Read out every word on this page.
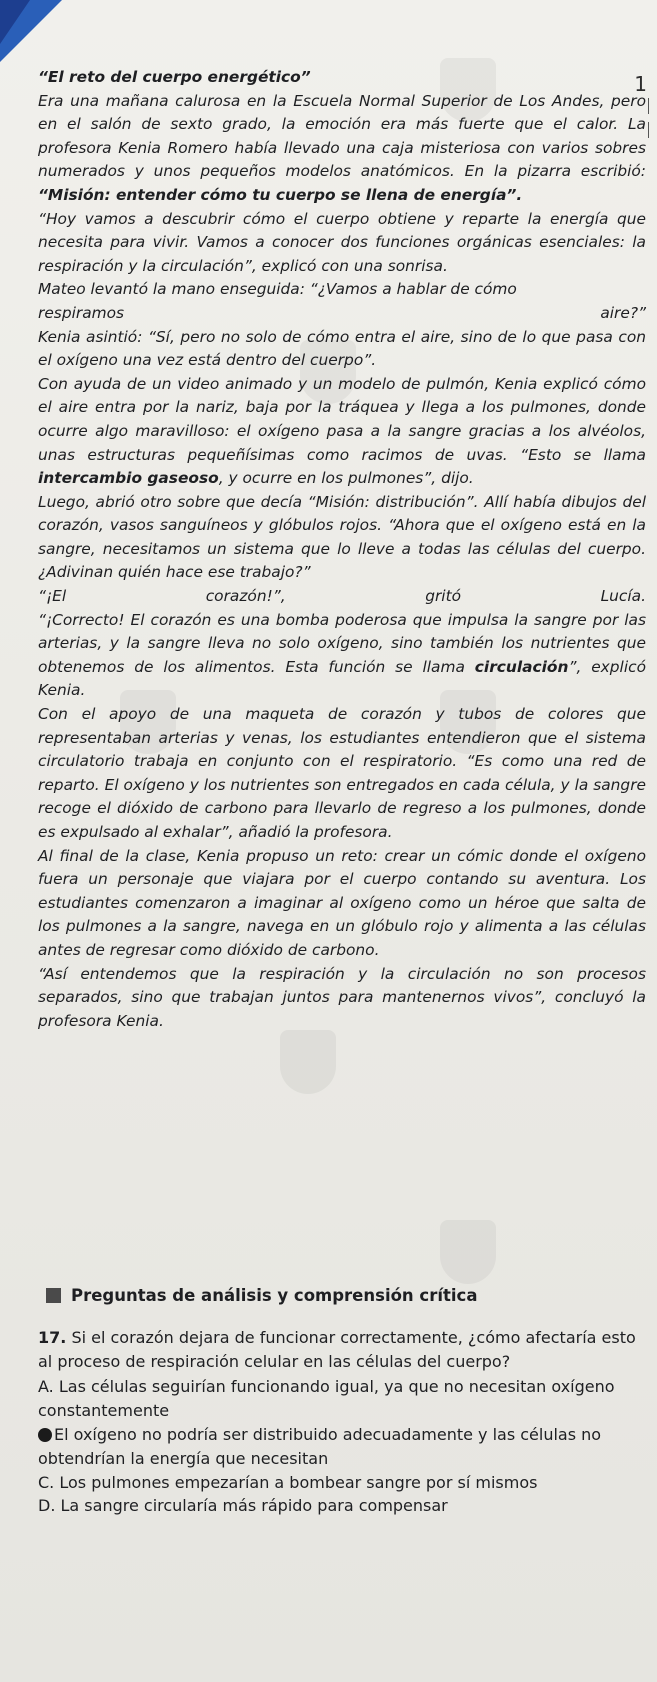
1

“El reto del cuerpo energético”

Era una mañana calurosa en la Escuela Normal Superior de Los Andes, pero en el salón de sexto grado, la emoción era más fuerte que el calor. La profesora Kenia Romero había llevado una caja misteriosa con varios sobres numerados y unos pequeños modelos anatómicos. En la pizarra escribió: “Misión: entender cómo tu cuerpo se llena de energía”.

“Hoy vamos a descubrir cómo el cuerpo obtiene y reparte la energía que necesita para vivir. Vamos a conocer dos funciones orgánicas esenciales: la respiración y la circulación”, explicó con una sonrisa.

Mateo levantó la mano enseguida: “¿Vamos a hablar de cómo

respiramos	aire?”

Kenia asintió: “Sí, pero no solo de cómo entra el aire, sino de lo que pasa con el oxígeno una vez está dentro del cuerpo”.

Con ayuda de un video animado y un modelo de pulmón, Kenia explicó cómo el aire entra por la nariz, baja por la tráquea y llega a los pulmones, donde ocurre algo maravilloso: el oxígeno pasa a la sangre gracias a los alvéolos, unas estructuras pequeñísimas como racimos de uvas. “Esto se llama intercambio gaseoso, y ocurre en los pulmones”, dijo.

Luego, abrió otro sobre que decía “Misión: distribución”. Allí había dibujos del corazón, vasos sanguíneos y glóbulos rojos. “Ahora que el oxígeno está en la sangre, necesitamos un sistema que lo lleve a todas las células del cuerpo. ¿Adivinan quién hace ese trabajo?”

“¡El	corazón!”,	gritó	Lucía.

“¡Correcto! El corazón es una bomba poderosa que impulsa la sangre por las arterias, y la sangre lleva no solo oxígeno, sino también los nutrientes que obtenemos de los alimentos. Esta función se llama circulación”, explicó Kenia.

Con el apoyo de una maqueta de corazón y tubos de colores que representaban arterias y venas, los estudiantes entendieron que el sistema circulatorio trabaja en conjunto con el respiratorio. “Es como una red de reparto. El oxígeno y los nutrientes son entregados en cada célula, y la sangre recoge el dióxido de carbono para llevarlo de regreso a los pulmones, donde es expulsado al exhalar”, añadió la profesora.

Al final de la clase, Kenia propuso un reto: crear un cómic donde el oxígeno fuera un personaje que viajara por el cuerpo contando su aventura. Los estudiantes comenzaron a imaginar al oxígeno como un héroe que salta de los pulmones a la sangre, navega en un glóbulo rojo y alimenta a las células antes de regresar como dióxido de carbono.

“Así entendemos que la respiración y la circulación no son procesos separados, sino que trabajan juntos para mantenernos vivos”, concluyó la profesora Kenia.

Preguntas de análisis y comprensión crítica

17. Si el corazón dejara de funcionar correctamente, ¿cómo afectaría esto al proceso de respiración celular en las células del cuerpo?

A. Las células seguirían funcionando igual, ya que no necesitan oxígeno constantemente

El oxígeno no podría ser distribuido adecuadamente y las células no obtendrían la energía que necesitan

C. Los pulmones empezarían a bombear sangre por sí mismos

D. La sangre circularía más rápido para compensar
